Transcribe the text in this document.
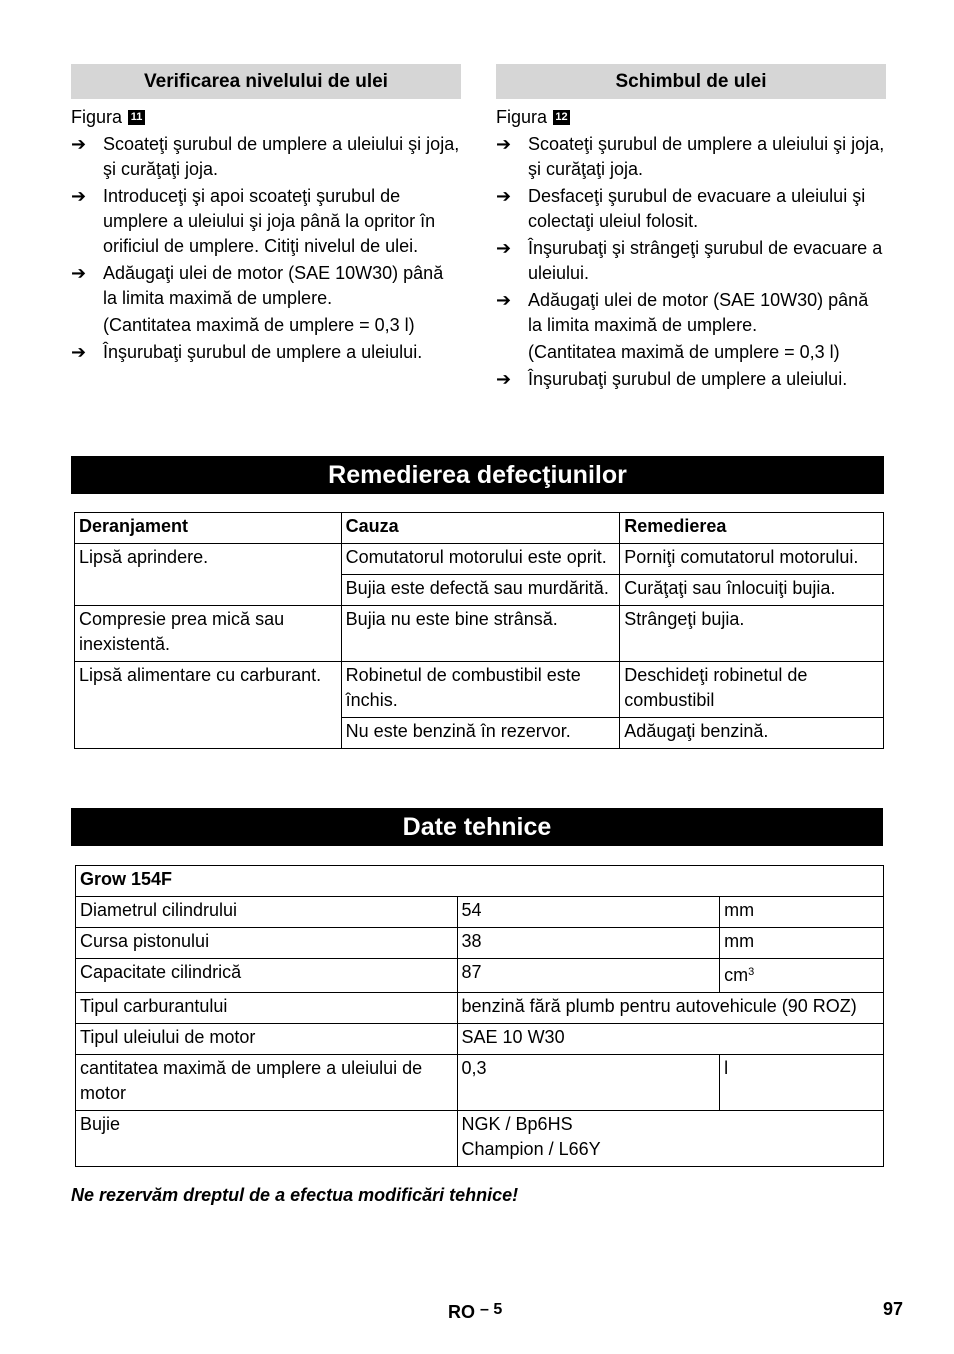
Verificarea nivelului de ulei
Figura 11
➔ Scoateţi şurubul de umplere a uleiului şi joja, şi curăţaţi joja.
➔ Introduceţi şi apoi scoateţi şurubul de umplere a uleiului şi joja până la opritor în orificiul de umplere. Citiţi nivelul de ulei.
➔ Adăugaţi ulei de motor (SAE 10W30) până la limita maximă de umplere.
(Cantitatea maximă de umplere = 0,3 l)
➔ Înşurubaţi şurubul de umplere a uleiului.
Schimbul de ulei
Figura 12
➔ Scoateţi şurubul de umplere a uleiului şi joja, şi curăţaţi joja.
➔ Desfaceţi şurubul de evacuare a uleiului şi colectaţi uleiul folosit.
➔ Înşurubaţi şi strângeţi şurubul de evacuare a uleiului.
➔ Adăugaţi ulei de motor (SAE 10W30) până la limita maximă de umplere.
(Cantitatea maximă de umplere = 0,3 l)
➔ Înşurubaţi şurubul de umplere a uleiului.
Remedierea defecţiunilor
Deranjament	Cauza	Remedierea
Lipsă aprindere.	Comutatorul motorului este oprit.	Porniţi comutatorul motorului.
	Bujia este defectă sau murdărită.	Curăţaţi sau înlocuiţi bujia.
Compresie prea mică sau inexistentă.	Bujia nu este bine strânsă.	Strângeţi bujia.
Lipsă alimentare cu carburant.	Robinetul de combustibil este închis.	Deschideţi robinetul de combustibil
	Nu este benzină în rezervor.	Adăugaţi benzină.
Date tehnice
Grow 154F		
Diametrul cilindrului	54	mm
Cursa pistonului	38	mm
Capacitate cilindrică	87	$cm^3$
Tipul carburantului	benzină fără plumb pentru autovehicule (90 ROZ)	
Tipul uleiului de motor	SAE 10 W30	
cantitatea maximă de umplere a uleiului de motor	0,3	l
Bujie	NGK / Bp6HS
Champion / L66Y	
Ne rezervăm dreptul de a efectua modificări tehnice!
RO $^{- 5}$	97
